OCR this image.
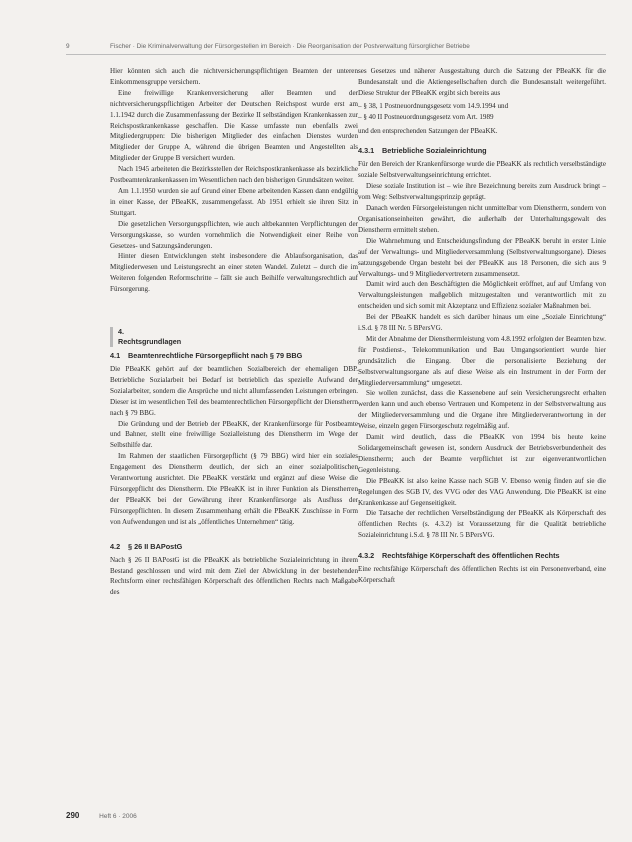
9	Fischer · Die Kriminalverwaltung der Fürsorgestellen im Bereich · Die Reorganisation der Postverwaltung fürsorglicher Betriebe

Hier könnten sich auch die nichtversicherungspflichtigen Beamten der unteren Einkommensgruppe versichern.

Eine freiwillige Krankenversicherung aller Beamten und der nichtversicherungspflichtigen Arbeiter der Deutschen Reichspost wurde erst am 1.1.1942 durch die Zusammenfassung der Bezirke II selbständigen Krankenkassen zur Reichspostkrankenkasse geschaffen. Die Kasse umfasste nun ebenfalls zwei Mitgliedergruppen: Die bisherigen Mitglieder des einfachen Dienstes wurden Mitglieder der Gruppe A, während die übrigen Beamten und Angestellten als Mitglieder der Gruppe B versichert wurden.

Nach 1945 arbeiteten die Bezirksstellen der Reichspostkrankenkasse als bezirkliche Postbeamtenkrankenkassen im Wesentlichen nach den bisherigen Grundsätzen weiter.

Am 1.1.1950 wurden sie auf Grund einer Ebene arbeitenden Kassen dann endgültig in einer Kasse, der PBeaKK, zusammengefasst. Ab 1951 erhielt sie ihren Sitz in Stuttgart.

Die gesetzlichen Versorgungspflichten, wie auch altbekannten Verpflichtungen der Versorgungskasse, so wurden vornehmlich die Notwendigkeit einer Reihe von Gesetzes- und Satzungsänderungen.

Hinter diesen Entwicklungen steht insbesondere die Ablaufsorganisation, das Mitgliederwesen und Leistungsrecht an einer steten Wandel. Zuletzt – durch die im Weiteren folgenden Reformschritte – fällt sie auch Beihilfe verwaltungsrechtlich auf Fürsorgerung.

4.
Rechtsgrundlagen
4.1	Beamtenrechtliche Fürsorgepflicht nach § 79 BBG

Die PBeaKK gehört auf der beamtlichen Sozialbereich der ehemaligen DBP. Betriebliche Sozialarbeit bei Bedarf ist betrieblich das spezielle Aufwand der Sozialarbeiter, sondern die Ansprüche und nicht allumfassenden Leistungen erbringen. Dieser ist im wesentlichen Teil des beamtenrechtlichen Fürsorgepflicht der Dienstherrn nach § 79 BBG.

Die Gründung und der Betrieb der PBeaKK, der Krankenfürsorge für Postbeamte und Bahner, stellt eine freiwillige Sozialleistung des Dienstherrn im Wege der Selbsthilfe dar.

Im Rahmen der staatlichen Fürsorgepflicht (§ 79 BBG) wird hier ein soziales Engagement des Dienstherrn deutlich, der sich an einer sozialpolitischen Verantwortung ausrichtet. Die PBeaKK verstärkt und ergänzt auf diese Weise die Fürsorgepflicht des Dienstherrn. Die PBeaKK ist in ihrer Funktion als Dienstherren der PBeaKK bei der Gewährung ihrer Krankenfürsorge als Ausfluss der Fürsorgepflichten. In diesem Zusammenhang erhält die PBeaKK Zuschüsse in Form von Aufwendungen und ist als „öffentliches Unternehmen“ tätig.

4.2	§ 26 II BAPostG

Nach § 26 II BAPostG ist die PBeaKK als betriebliche Sozialeinrichtung in ihrem Bestand geschlossen und wird mit dem Ziel der Abwicklung in der bestehenden Rechtsform einer rechtsfähigen Körperschaft des öffentlichen Rechts nach Maßgabe des

ses Gesetzes und näherer Ausgestaltung durch die Satzung der PBeaKK für die Bundesanstalt und die Aktiengesellschaften durch die Bundesanstalt weitergeführt. Diese Struktur der PBeaKK ergibt sich bereits aus

– § 38, 1 Postneuordnungsgesetz vom 14.9.1994 und
– § 40 II Postneuordnungsgesetz vom Art. 1989

und den entsprechenden Satzungen der PBeaKK.

4.3.1	Betriebliche Sozialeinrichtung

Für den Bereich der Krankenfürsorge wurde die PBeaKK als rechtlich verselbständigte soziale Selbstverwaltungseinrichtung errichtet.

Diese soziale Institution ist – wie ihre Bezeichnung bereits zum Ausdruck bringt – vom Weg: Selbstverwaltungsprinzip geprägt.

Danach werden Fürsorgeleistungen nicht unmittelbar vom Dienstherrn, sondern von Organisationseinheiten gewährt, die außerhalb der Unterhaltungsgewalt des Dienstherrn ermittelt stehen.

Die Wahrnehmung und Entscheidungsfindung der PBeaKK beruht in erster Linie auf der Verwaltungs- und Mitgliederversammlung (Selbstverwaltungsorgane). Dieses satzungsgebende Organ besteht bei der PBeaKK aus 18 Personen, die sich aus 9 Verwaltungs- und 9 Mitgliedervertretern zusammensetzt.

Damit wird auch den Beschäftigten die Möglichkeit eröffnet, auf auf Umfang von Verwaltungsleistungen maßgeblich mitzugestalten und verantwortlich mit zu entscheiden und sich somit mit Akzeptanz und Effizienz sozialer Maßnahmen bei.

Bei der PBeaKK handelt es sich darüber hinaus um eine „Soziale Einrichtung“ i.S.d. § 78 III Nr. 5 BPersVG.

Mit der Abnahme der Dienstherrnleistung vom 4.8.1992 erfolgten der Beamten bzw. für Postdienst-, Telekommunikation und Bau Umgangsorientiert wurde hier grundsätzlich die Eingang. Über die personalisierte Beziehung der Selbstverwaltungsorgane als auf diese Weise als ein Instrument in der Form der Mitgliederversammlung“ umgesetzt.

Sie wollen zunächst, dass die Kassenebene auf sein Versicherungsrecht erhalten werden kann und auch ebenso Vertrauen und Kompetenz in der Selbstverwaltung aus der Mitgliederversammlung und die Organe ihre Mitgliederverantwortung in der Weise, einzeln gegen Fürsorgeschutz regelmäßig auf.

Damit wird deutlich, dass die PBeaKK von 1994 bis heute keine Solidargemeinschaft gewesen ist, sondern Ausdruck der Betriebsverbundenheit des Dienstherrn; auch der Beamte verpflichtet ist zur eigenverantwortlichen Gegenleistung.

Die PBeaKK ist also keine Kasse nach SGB V. Ebenso wenig finden auf sie die Regelungen des SGB IV, des VVG oder des VAG Anwendung. Die PBeaKK ist eine Krankenkasse auf Gegenseitigkeit.

Die Tatsache der rechtlichen Verselbständigung der PBeaKK als Körperschaft des öffentlichen Rechts (s. 4.3.2) ist Voraussetzung für die Qualität betriebliche Sozialeinrichtung i.S.d. § 78 III Nr. 5 BPersVG.

4.3.2	Rechtsfähige Körperschaft des öffentlichen Rechts

Eine rechtsfähige Körperschaft des öffentlichen Rechts ist ein Personenverband, eine Körperschaft

290	Heft 6 · 2006
